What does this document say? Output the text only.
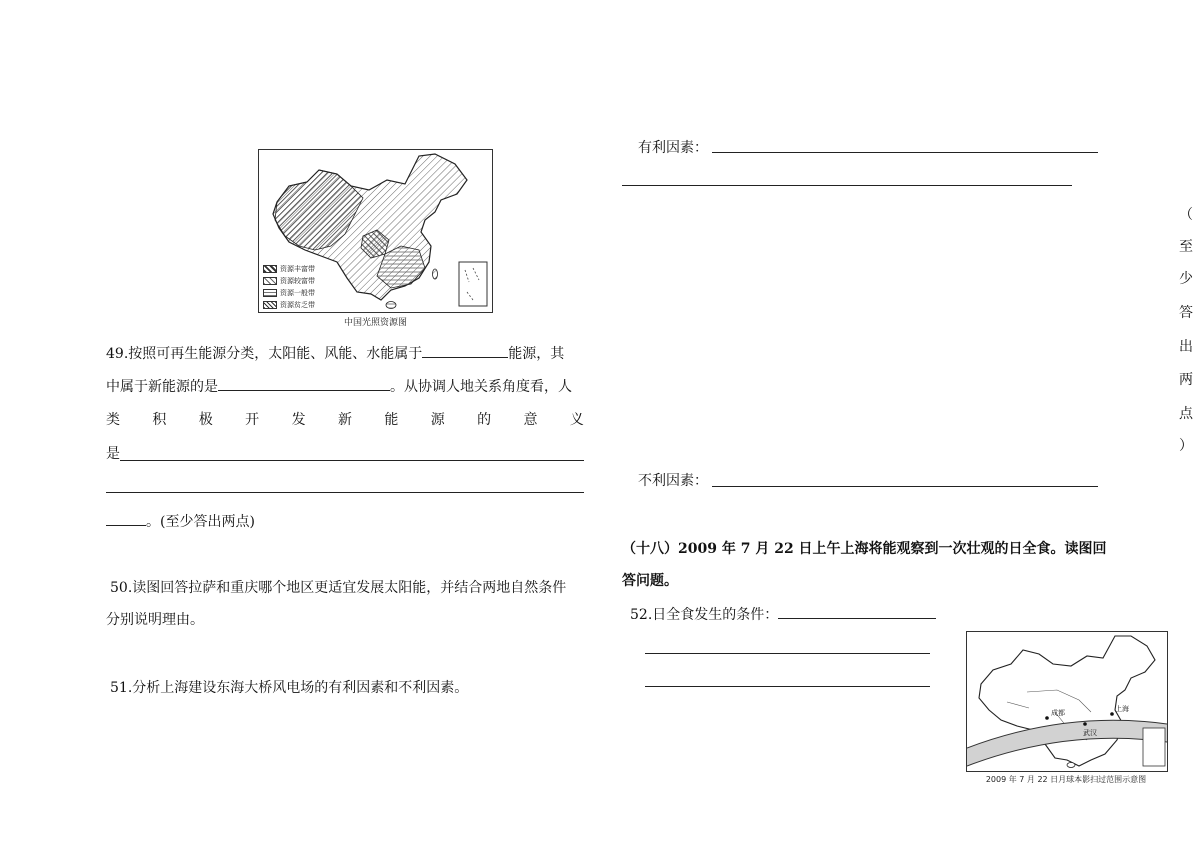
资源丰富带
资源较富带
资源一般带
资源贫乏带
中国光照资源图
49.按照可再生能源分类，太阳能、风能、水能属于	能源，其
中属于新能源的是	。从协调人地关系角度看，人
类 积 极 开 发 新 能 源 的 意 义
是
。(至少答出两点)
50.读图回答拉萨和重庆哪个地区更适宜发展太阳能，并结合两地自然条件
分别说明理由。
51.分析上海建设东海大桥风电场的有利因素和不利因素。
有利因素：
不利因素：
（
至
少
答
出
两
点
）
（十八）2009 年 7 月 22 日上午上海将能观察到一次壮观的日全食。读图回
答问题。
52.日全食发生的条件：
成都	上海
武汉
2009 年 7 月 22 日月球本影扫过范围示意图
